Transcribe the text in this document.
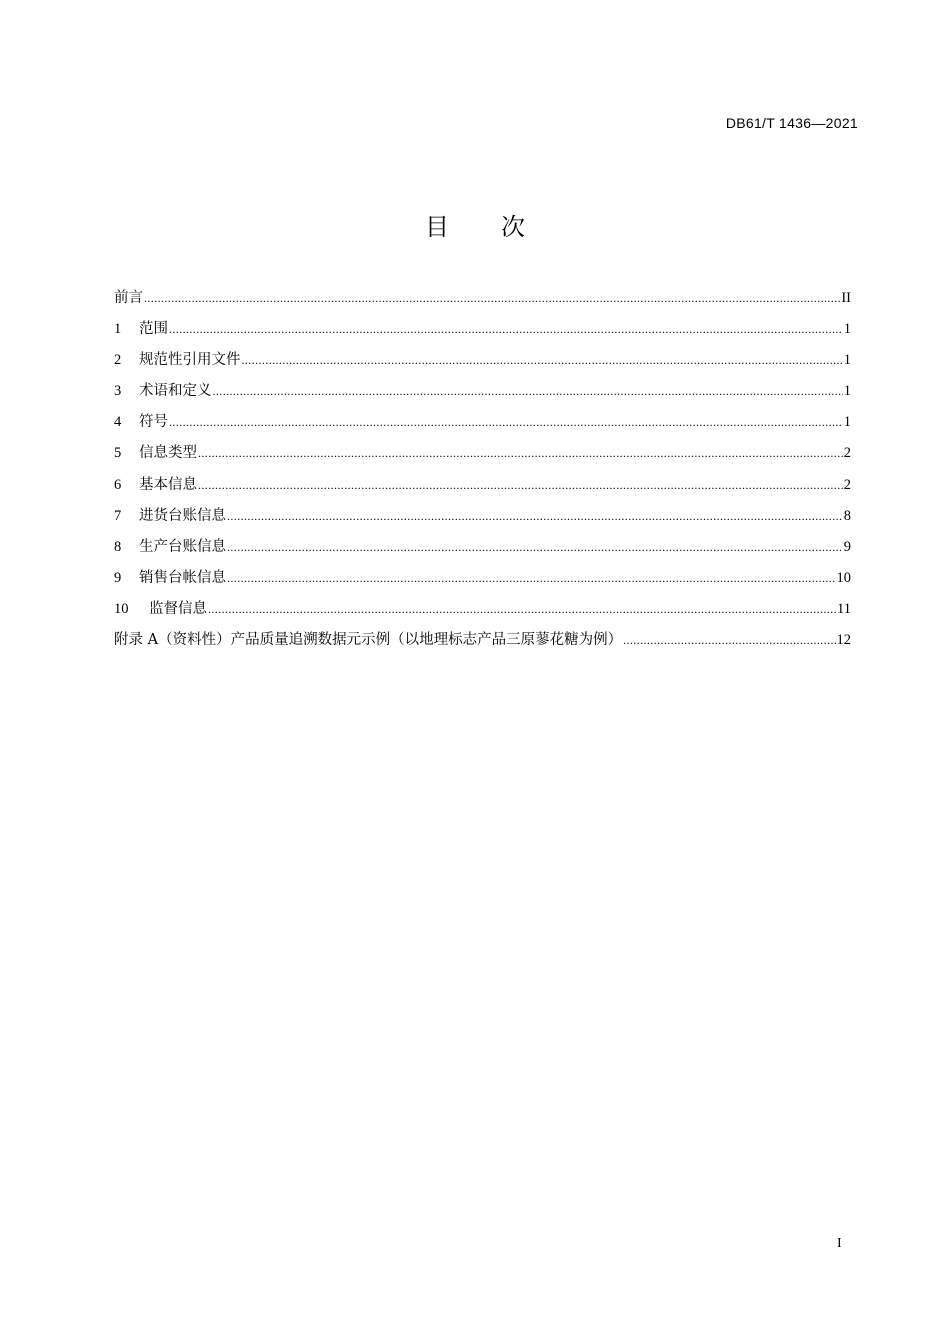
DB61/T 1436—2021
目 次
前言 .....	II
1	范围 .....	1
2	规范性引用文件 .....	1
3	术语和定义 .....	1
4	符号 .....	1
5	信息类型 .....	2
6	基本信息 .....	2
7	进货台账信息 .....	8
8	生产台账信息 .....	9
9	销售台帐信息 .....	10
10	监督信息 .....	11
附录 A（资料性）产品质量追溯数据元示例（以地理标志产品三原蓼花糖为例） .....	12
I
